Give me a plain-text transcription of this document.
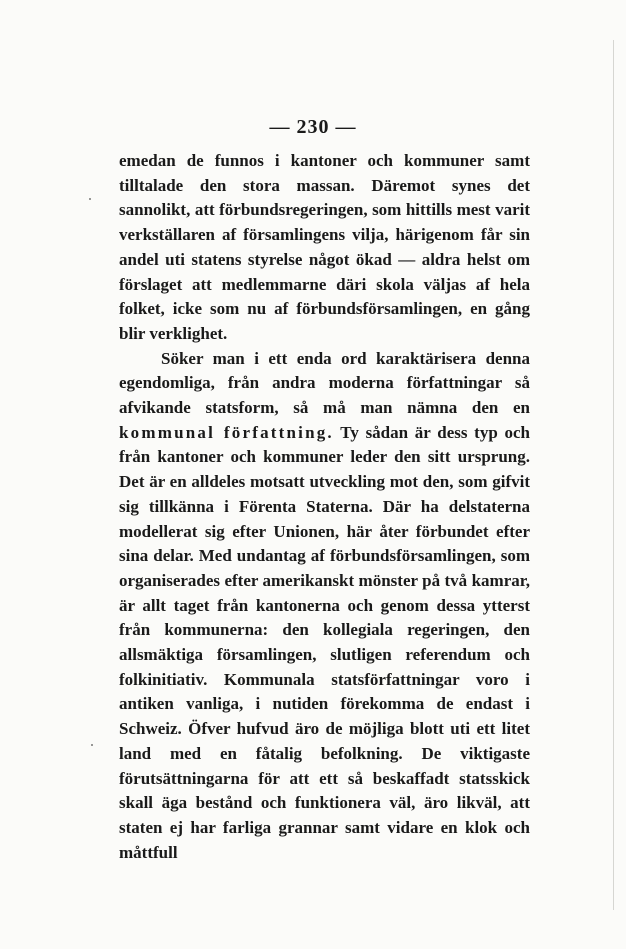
— 230 —

emedan de funnos i kantoner och kommuner samt tilltalade den stora massan. Däremot synes det sannolikt, att förbundsregeringen, som hittills mest varit verkställaren af församlingens vilja, härigenom får sin andel uti statens styrelse något ökad — aldra helst om förslaget att medlemmarne däri skola väljas af hela folket, icke som nu af förbundsförsamlingen, en gång blir verklighet.

Söker man i ett enda ord karaktärisera denna egendomliga, från andra moderna författningar så afvikande statsform, så må man nämna den en kommunal författning. Ty sådan är dess typ och från kantoner och kommuner leder den sitt ursprung. Det är en alldeles motsatt utveckling mot den, som gifvit sig tillkänna i Förenta Staterna. Där ha delstaterna modellerat sig efter Unionen, här åter förbundet efter sina delar. Med undantag af förbundsförsamlingen, som organiserades efter amerikanskt mönster på två kamrar, är allt taget från kantonerna och genom dessa ytterst från kommunerna: den kollegiala regeringen, den allsmäktiga församlingen, slutligen referendum och folkinitiativ. Kommunala statsförfattningar voro i antiken vanliga, i nutiden förekomma de endast i Schweiz. Öfver hufvud äro de möjliga blott uti ett litet land med en fåtalig befolkning. De viktigaste förutsättningarna för att ett så beskaffadt statsskick skall äga bestånd och funktionera väl, äro likväl, att staten ej har farliga grannar samt vidare en klok och måttfull
